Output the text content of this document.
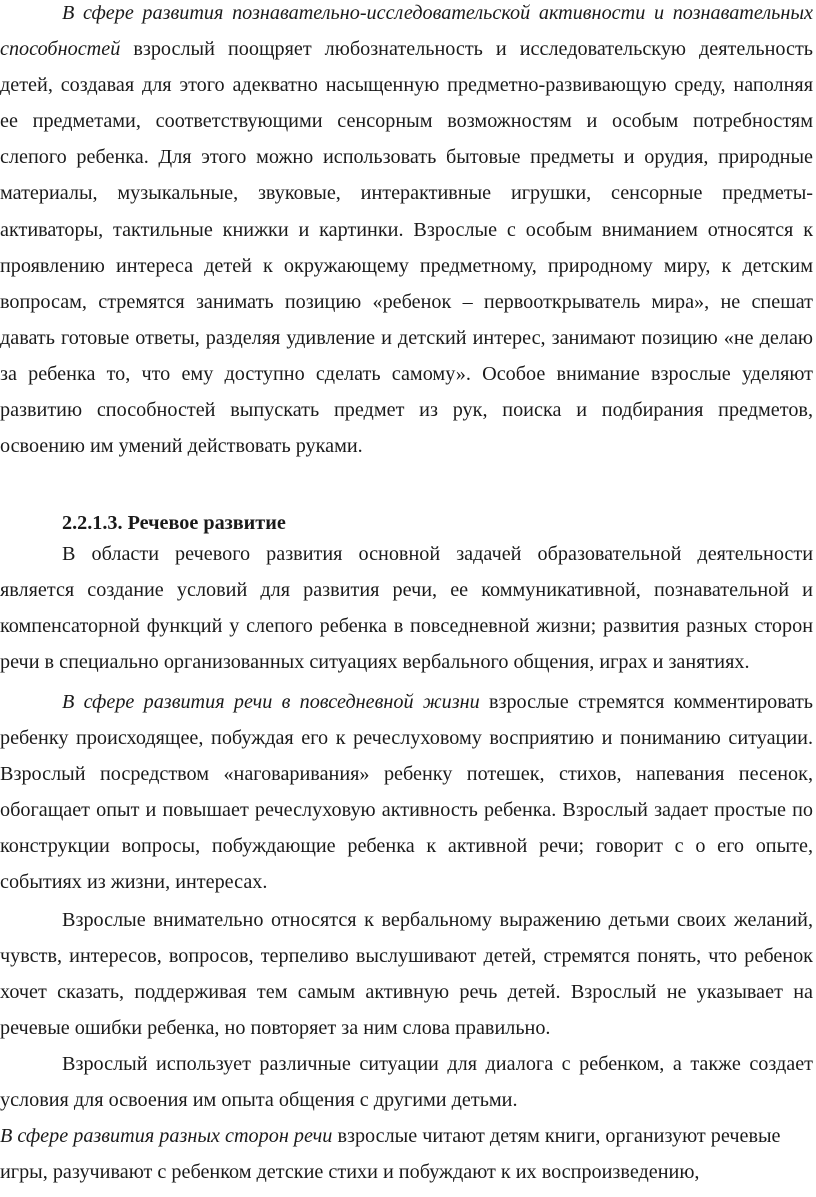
В сфере развития познавательно-исследовательской активности и познавательных способностей взрослый поощряет любознательность и исследовательскую деятельность детей, создавая для этого адекватно насыщенную предметно-развивающую среду, наполняя ее предметами, соответствующими сенсорным возможностям и особым потребностям слепого ребенка. Для этого можно использовать бытовые предметы и орудия, природные материалы, музыкальные, звуковые, интерактивные игрушки, сенсорные предметы-активаторы, тактильные книжки и картинки. Взрослые с особым вниманием относятся к проявлению интереса детей к окружающему предметному, природному миру, к детским вопросам, стремятся занимать позицию «ребенок – первооткрыватель мира», не спешат давать готовые ответы, разделяя удивление и детский интерес, занимают позицию «не делаю за ребенка то, что ему доступно сделать самому». Особое внимание взрослые уделяют развитию способностей выпускать предмет из рук, поиска и подбирания предметов, освоению им умений действовать руками.

2.2.1.3. Речевое развитие

В области речевого развития основной задачей образовательной деятельности является создание условий для развития речи, ее коммуникативной, познавательной и компенсаторной функций у слепого ребенка в повседневной жизни; развития разных сторон речи в специально организованных ситуациях вербального общения, играх и занятиях.

В сфере развития речи в повседневной жизни взрослые стремятся комментировать ребенку происходящее, побуждая его к речеслуховому восприятию и пониманию ситуации. Взрослый посредством «наговаривания» ребенку потешек, стихов, напевания песенок, обогащает опыт и повышает речеслуховую активность ребенка. Взрослый задает простые по конструкции вопросы, побуждающие ребенка к активной речи; говорит с о его опыте, событиях из жизни, интересах.

Взрослые внимательно относятся к вербальному выражению детьми своих желаний, чувств, интересов, вопросов, терпеливо выслушивают детей, стремятся понять, что ребенок хочет сказать, поддерживая тем самым активную речь детей. Взрослый не указывает на речевые ошибки ребенка, но повторяет за ним слова правильно.

Взрослый использует различные ситуации для диалога с ребенком, а также создает условия для освоения им опыта общения с другими детьми.

В сфере развития разных сторон речи взрослые читают детям книги, организуют речевые

игры, разучивают с ребенком детские стихи и побуждают к их воспроизведению,
